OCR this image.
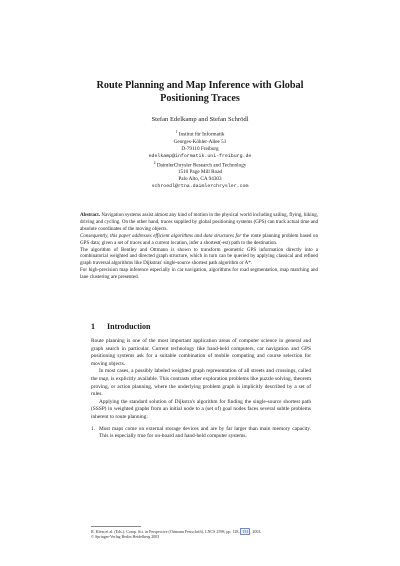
Route Planning and Map Inference with Global
Positioning Traces
Stefan Edelkamp and Stefan Schrödl
$^1$ Institut für Informatik
Georges-Köhler-Allee 51
D-79110 Freiburg
edelkamp@informatik.uni-freiburg.de
$^2$ DaimlerChrysler Research and Technology
1510 Page Mill Road
Palo Alto, CA 94303
schroedl@rtna.daimlerchrysler.com

Abstract. Navigation systems assist almost any kind of motion in the physical world including sailing, flying, hiking, driving and cycling. On the other hand, traces supplied by global positioning systems (GPS) can track actual time and absolute coordinates of the moving objects.

Consequently, this paper addresses efficient algorithms and data structures for the route planning problem based on GPS data; given a set of traces and a current location, infer a shortest(-est) path to the destination.

The algorithm of Bentley and Ottmann is shown to transform geometric GPS information directly into a combinatorial weighted and directed graph structure, which in turn can be queried by applying classical and refined graph traversal algorithms like Dijkstras' single-source shortest path algorithm or A*.

For high-precision map inference especially in car navigation, algorithms for road segmentation, map matching and lane clustering are presented.

1 Introduction

Route planning is one of the most important application areas of computer science in general and graph search in particular. Current technology like hand-held computers, car navigation and GPS positioning systems ask for a suitable combination of mobile computing and course selection for moving objects.

In most cases, a possibly labeled weighted graph representation of all streets and crossings, called the map, is explicitly available. This contrasts other exploration problems like puzzle solving, theorem proving, or action planning, where the underlying problem graph is implicitly described by a set of rules.

Applying the standard solution of Dijkstra's algorithm for finding the single-source shortest path (SSSP) in weighted graphs from an initial node to a (set of) goal nodes faces several subtle problems inherent to route planning:

1. Most maps come on external storage devices and are by far larger than main memory capacity. This is especially true for on-board and hand-held computer systems.
R. Klein et al. (Eds.): Comp. Sci. in Perspective (Ottmann Festschrift), LNCS 2598, pp. 128– 151 , 2003.
© Springer-Verlag Berlin Heidelberg 2003
